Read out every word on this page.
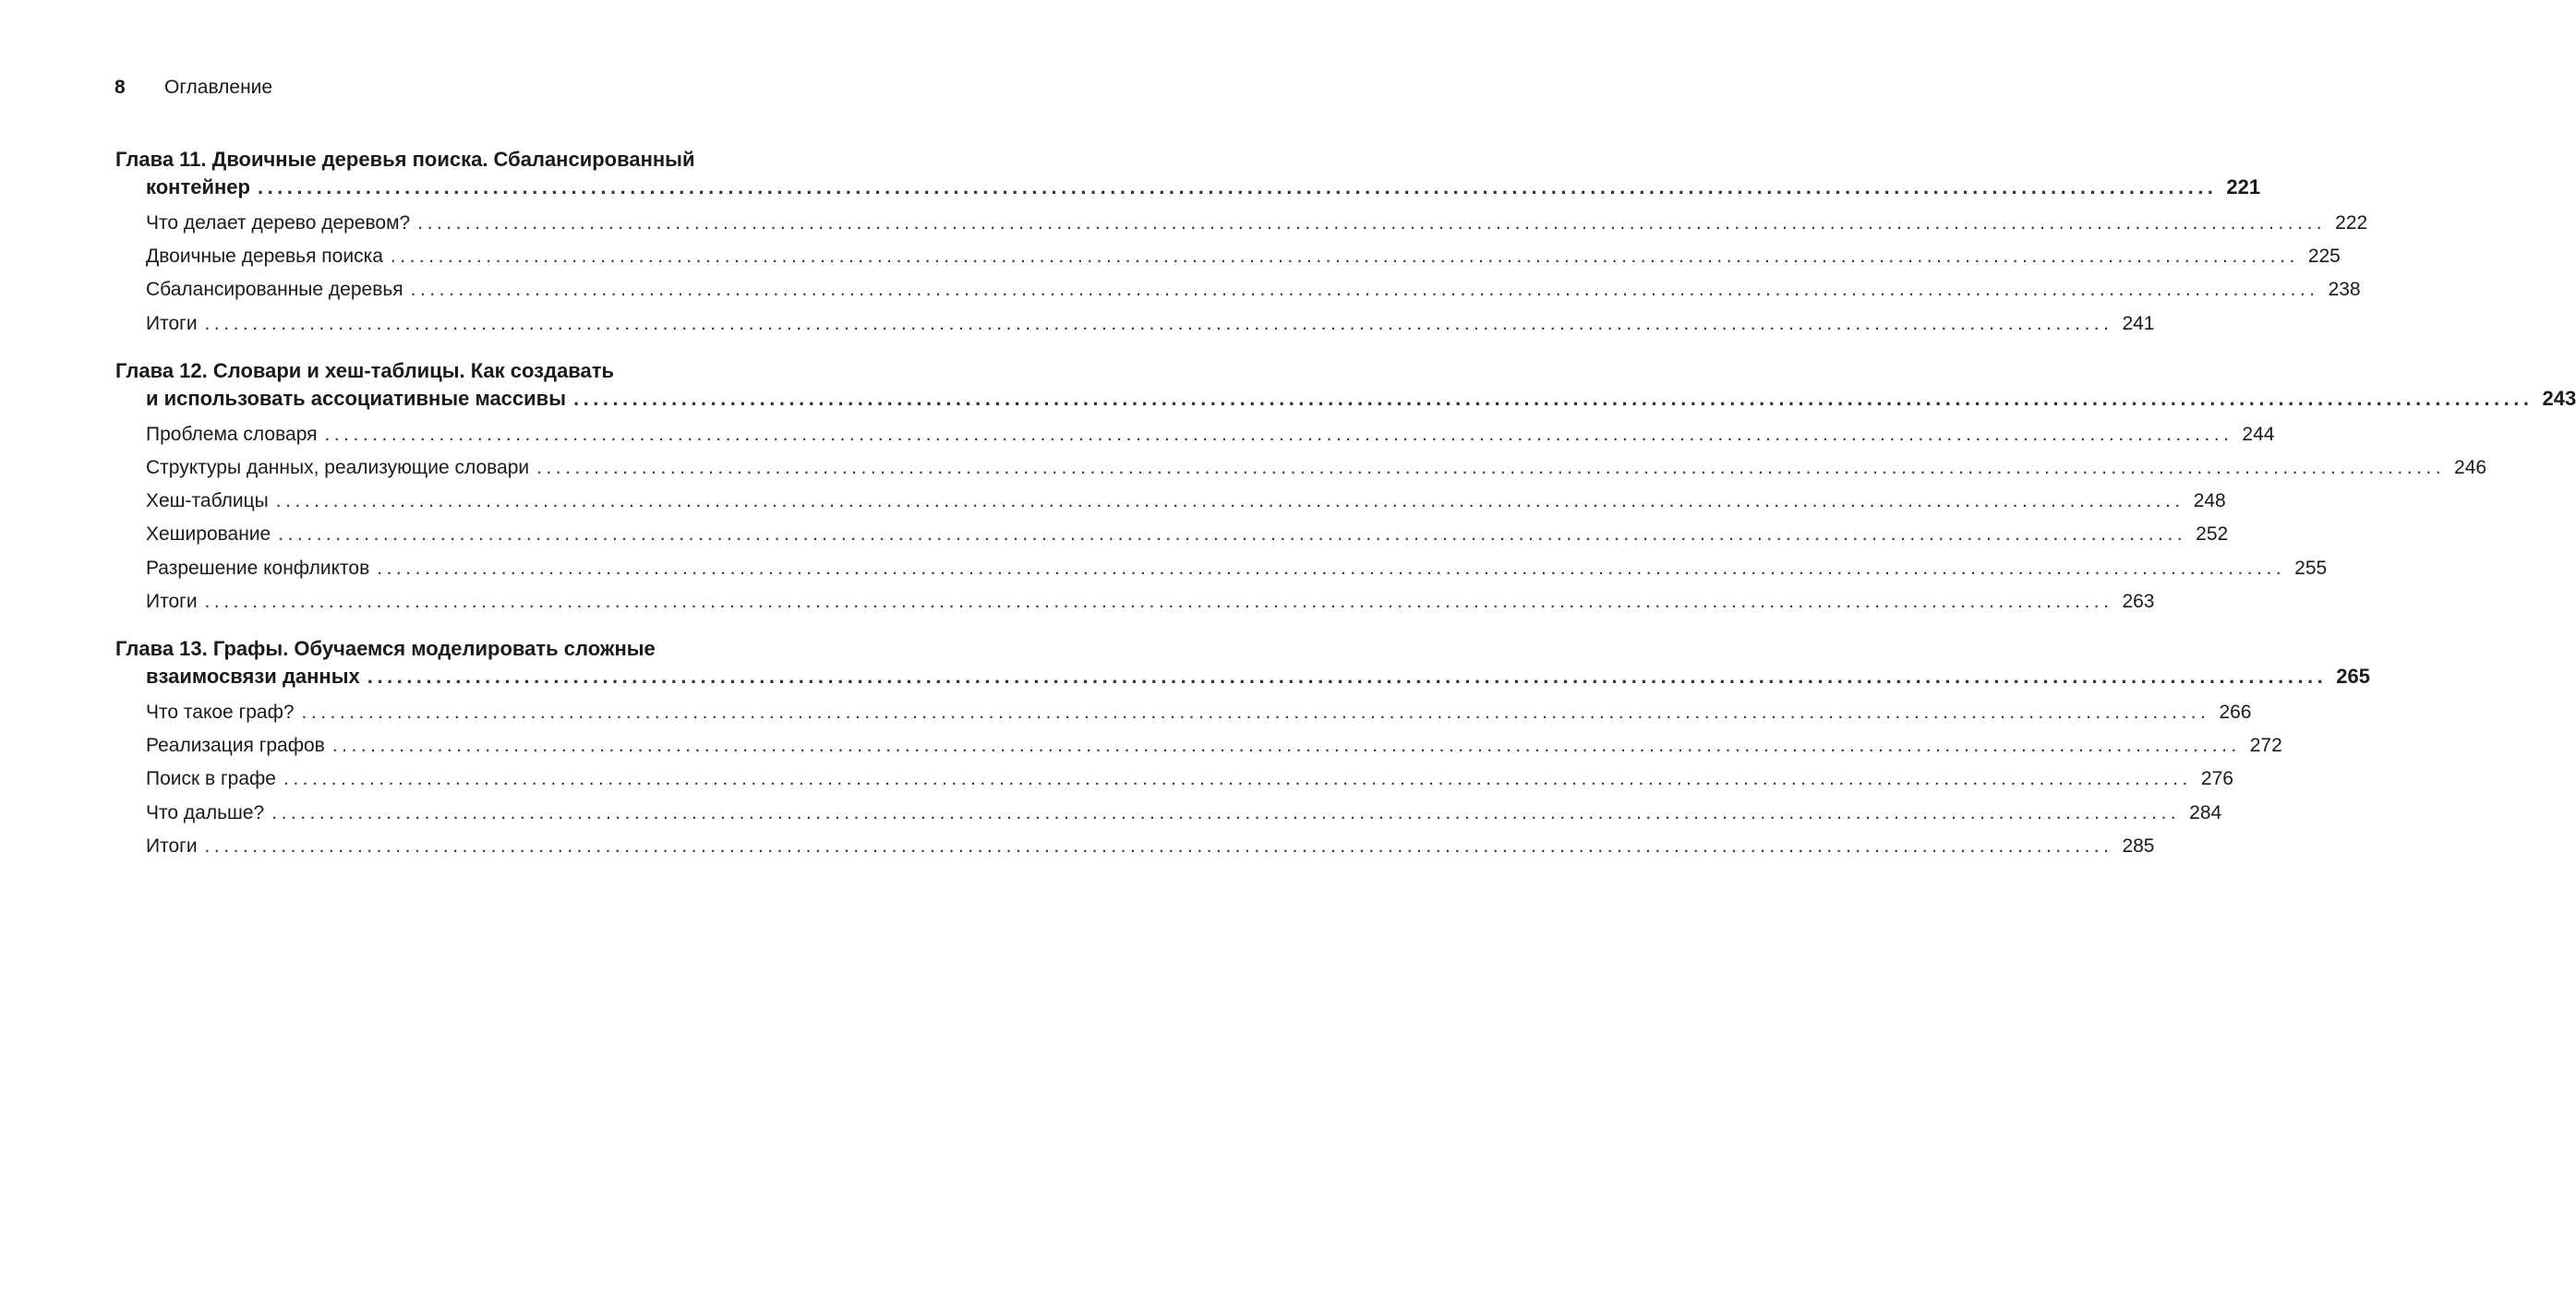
8	Оглавление
Глава 11. Двоичные деревья поиска. Сбалансированный
контейнер ........................................................................................................................................................................................................ 221
Что делает дерево деревом? ........................................................................................................................................................................................................ 222
Двоичные деревья поиска ........................................................................................................................................................................................................ 225
Сбалансированные деревья ........................................................................................................................................................................................................ 238
Итоги ........................................................................................................................................................................................................ 241
Глава 12. Словари и хеш-таблицы. Как создавать
и использовать ассоциативные массивы ........................................................................................................................................................................................................ 243
Проблема словаря ........................................................................................................................................................................................................ 244
Структуры данных, реализующие словари ........................................................................................................................................................................................................ 246
Хеш-таблицы ........................................................................................................................................................................................................ 248
Хеширование ........................................................................................................................................................................................................ 252
Разрешение конфликтов ........................................................................................................................................................................................................ 255
Итоги ........................................................................................................................................................................................................ 263
Глава 13. Графы. Обучаемся моделировать сложные
взаимосвязи данных ........................................................................................................................................................................................................ 265
Что такое граф? ........................................................................................................................................................................................................ 266
Реализация графов ........................................................................................................................................................................................................ 272
Поиск в графе ........................................................................................................................................................................................................ 276
Что дальше? ........................................................................................................................................................................................................ 284
Итоги ........................................................................................................................................................................................................ 285
